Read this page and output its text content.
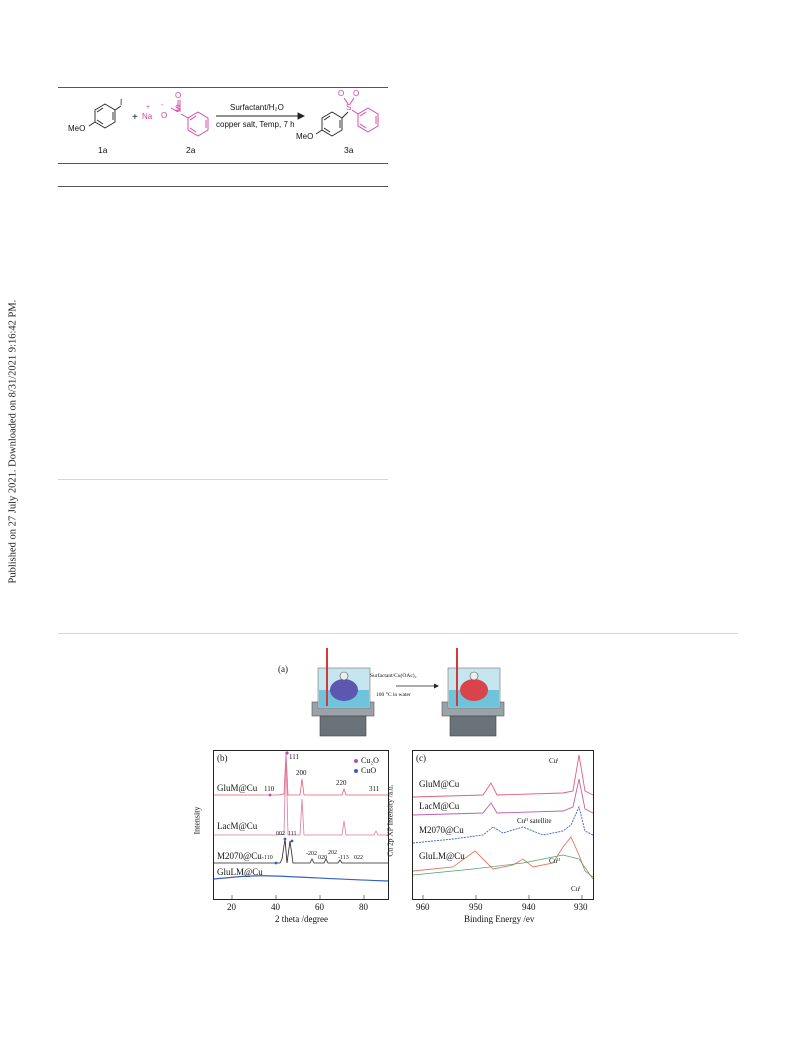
Published on 27 July 2021. Downloaded on 8/31/2021 9:16:42 PM.
I
MeO
1a
+
+ -
Na O
S
O
2a
Surfactant/H₂O
copper salt, Temp, 7 h
MeO
S
O O
3a
(a)
Surfactant/Cu(OAc)₂
100 °C in water
(b)	Cu₂O
CuO
GluM@Cu
LacM@Cu
M2070@Cu
GluLM@Cu
111
200
220
311
110
002 111
-110
-202
020
202
-113 022
Intensity
20	40	60	80
2 theta /degree
(c)
GluM@Cu
LacM@Cu
M2070@Cu
GluLM@Cu
Cuᴵ
Cuᴵᴵ satellite
Cuᴵᴵ
Cuᴵ
Cu 2p XP Intensity /a.u.
960	950	940	930
Binding Energy /ev
